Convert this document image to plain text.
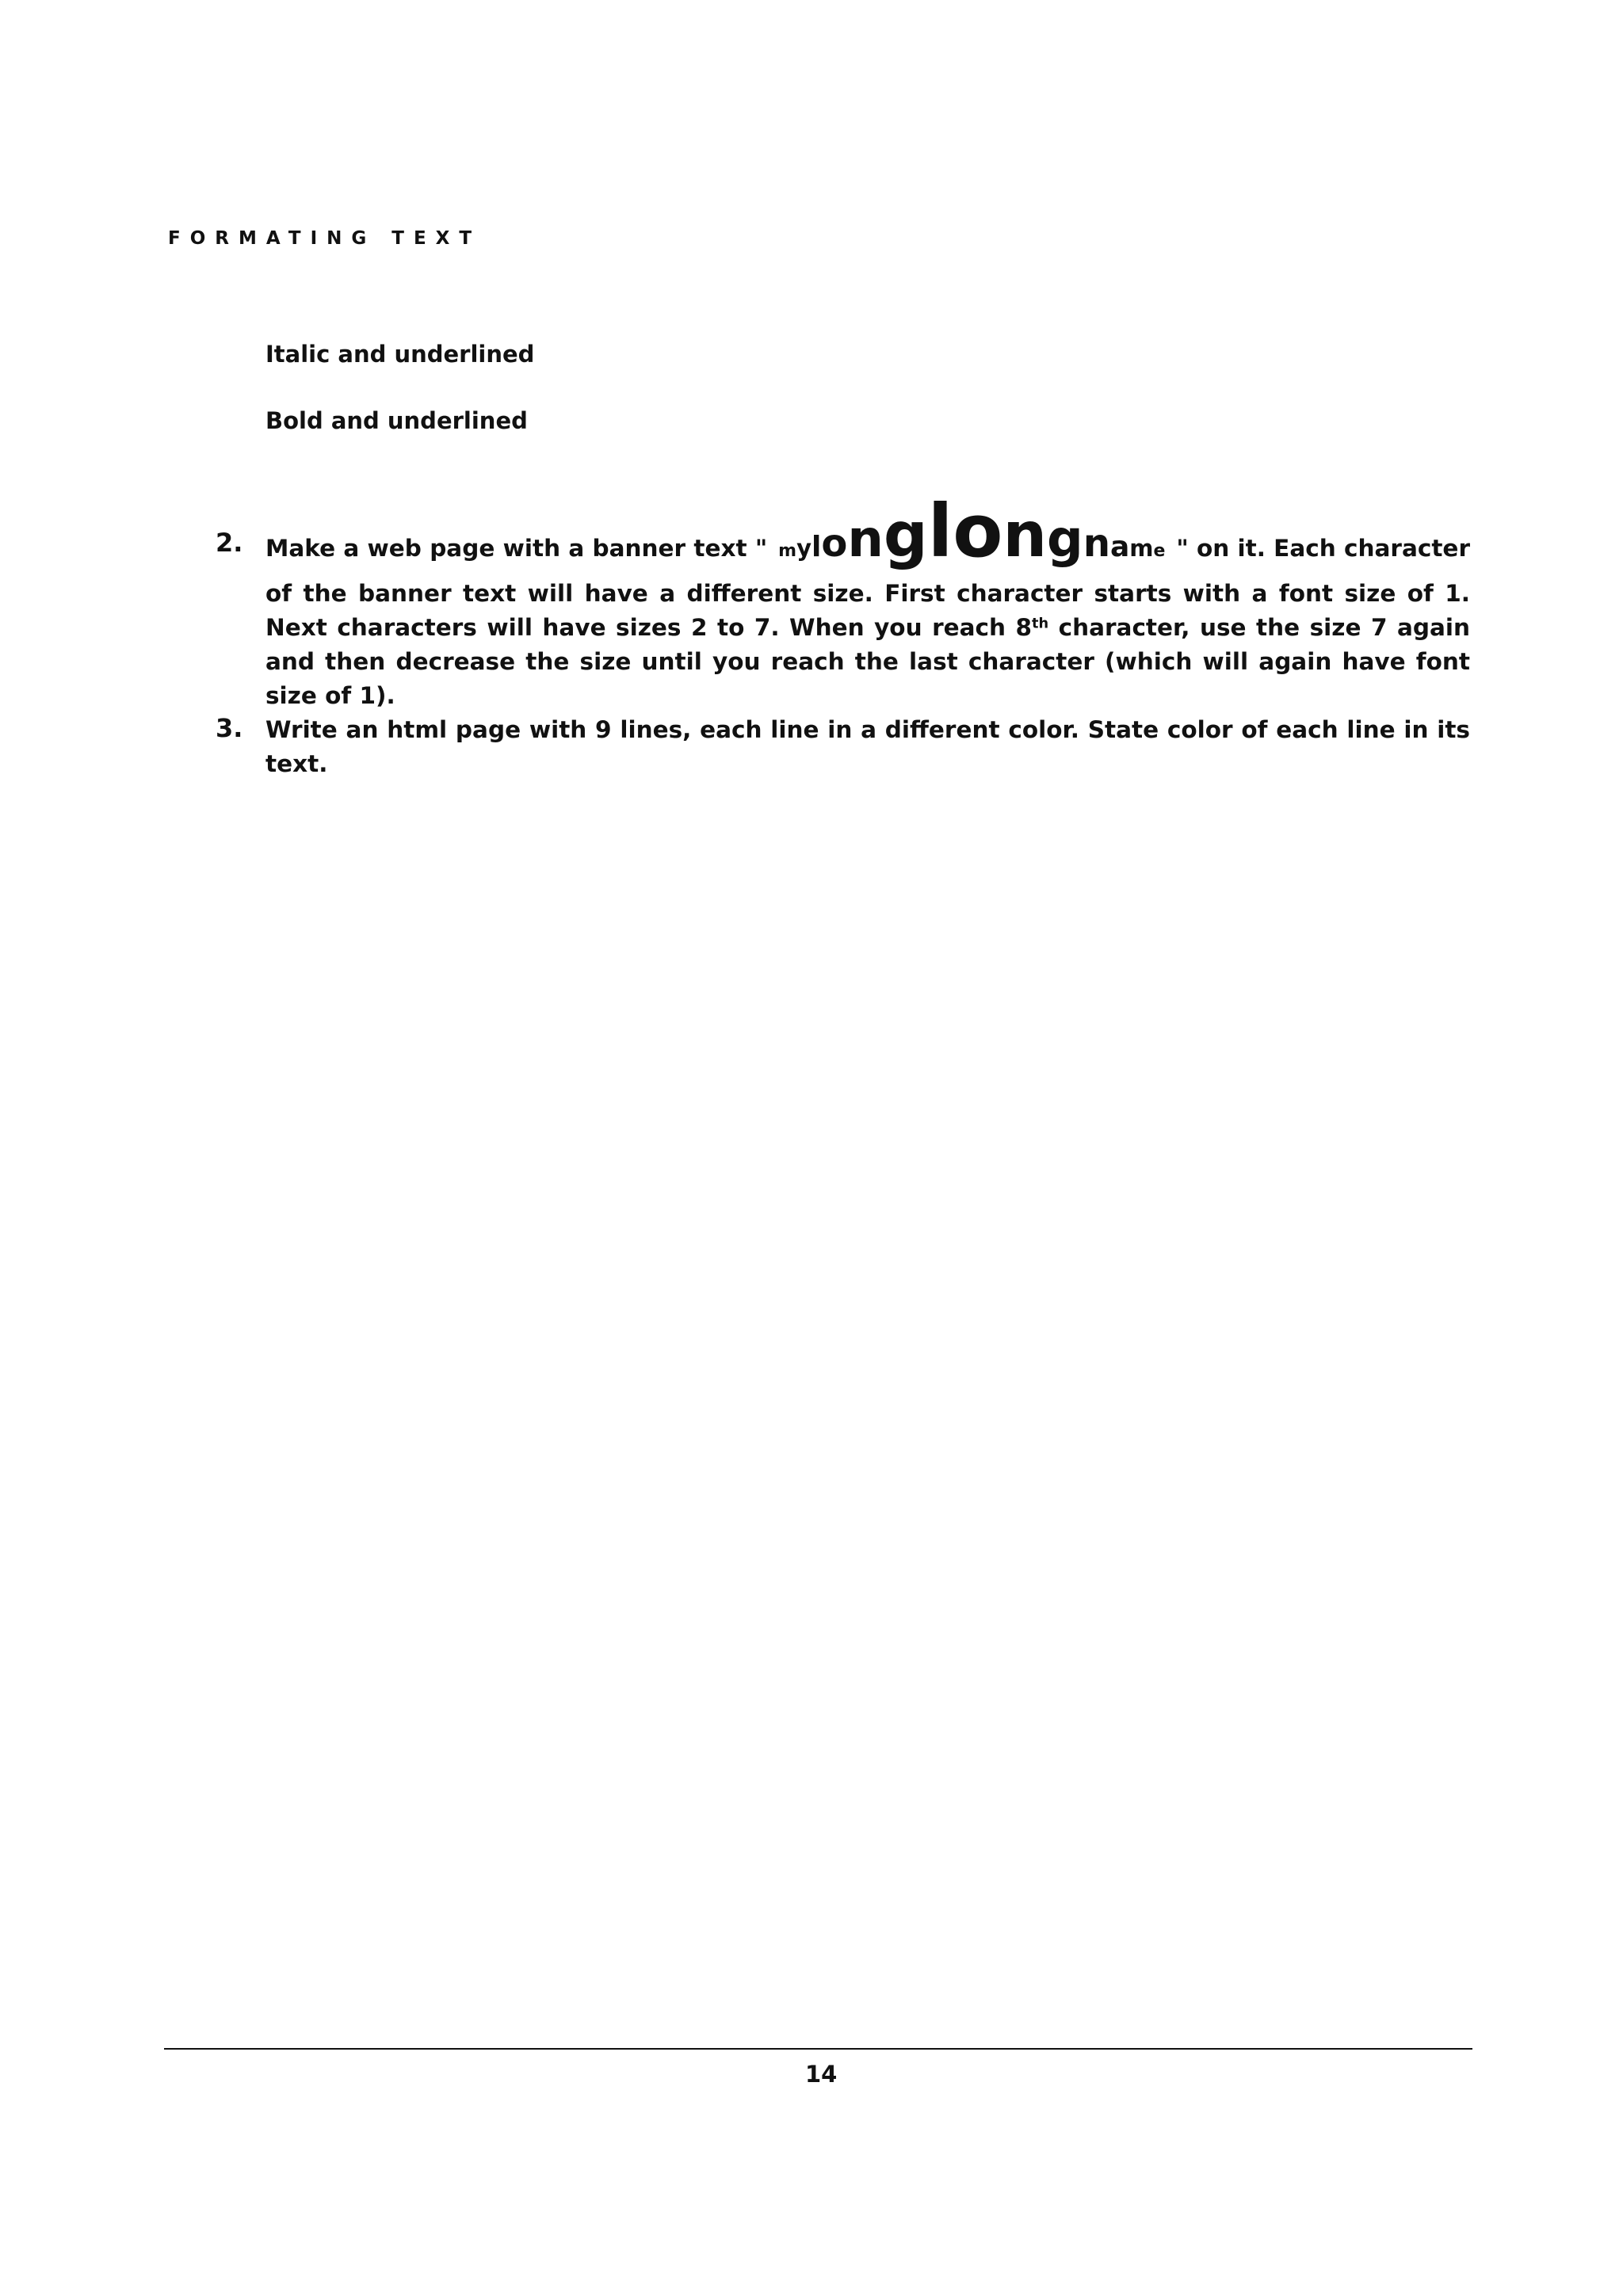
FORMATING TEXT
Italic and underlined
Bold and underlined
2. Make a web page with a banner text " mylonglongname " on it. Each character
of the banner text will have a different size. First character starts with a font size of 1. Next characters will have sizes 2 to 7. When you reach 8th character, use the size 7 again and then decrease the size until you reach the last character (which will again have font size of 1).
3. Write an html page with 9 lines, each line in a different color. State color of each line in its text.
14
